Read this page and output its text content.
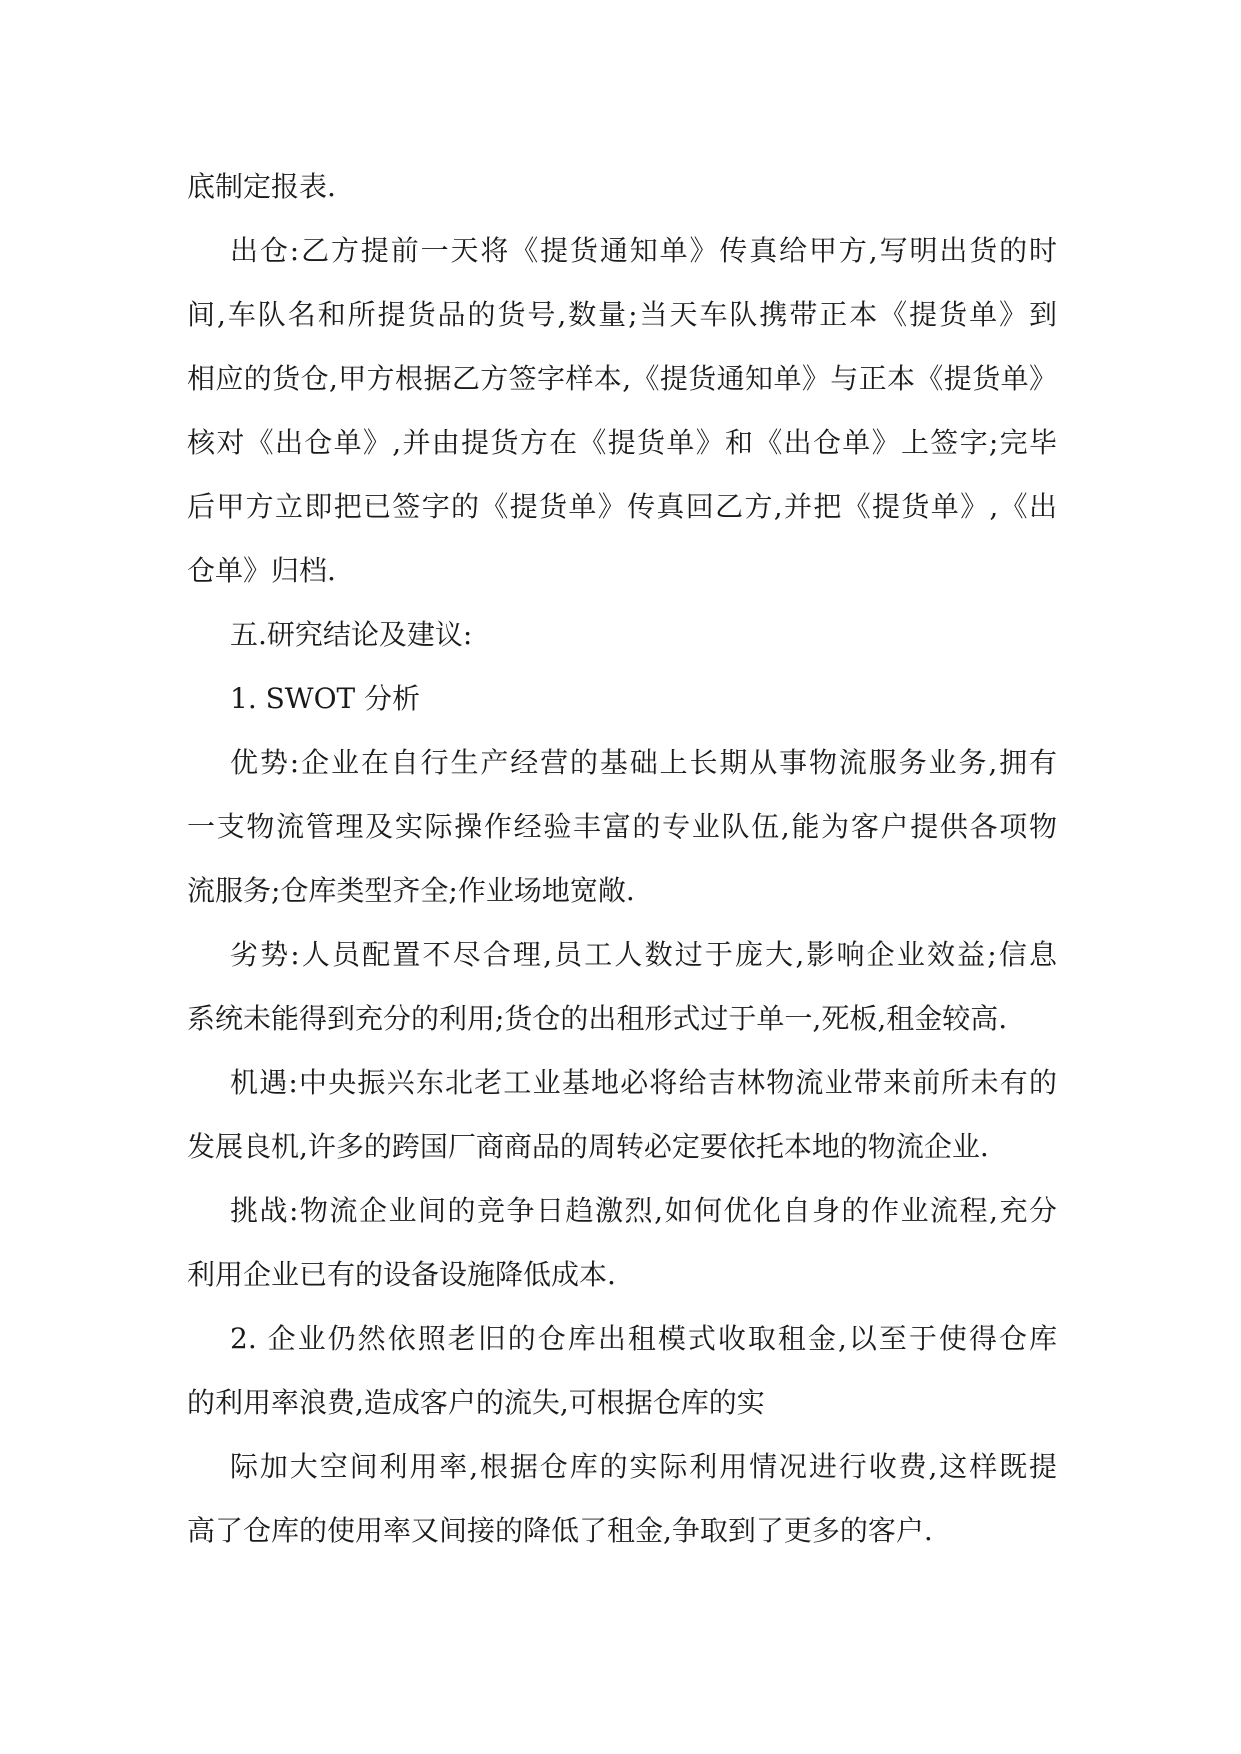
底制定报表.
出仓:乙方提前一天将《提货通知单》传真给甲方,写明出货的时
间,车队名和所提货品的货号,数量;当天车队携带正本《提货单》到
相应的货仓,甲方根据乙方签字样本,《提货通知单》与正本《提货单》
核对《出仓单》,并由提货方在《提货单》和《出仓单》上签字;完毕
后甲方立即把已签字的《提货单》传真回乙方,并把《提货单》,《出
仓单》归档.
五.研究结论及建议:
1. SWOT 分析
优势:企业在自行生产经营的基础上长期从事物流服务业务,拥有
一支物流管理及实际操作经验丰富的专业队伍,能为客户提供各项物
流服务;仓库类型齐全;作业场地宽敞.
劣势:人员配置不尽合理,员工人数过于庞大,影响企业效益;信息
系统未能得到充分的利用;货仓的出租形式过于单一,死板,租金较高.
机遇:中央振兴东北老工业基地必将给吉林物流业带来前所未有的
发展良机,许多的跨国厂商商品的周转必定要依托本地的物流企业.
挑战:物流企业间的竞争日趋激烈,如何优化自身的作业流程,充分
利用企业已有的设备设施降低成本.
2. 企业仍然依照老旧的仓库出租模式收取租金,以至于使得仓库
的利用率浪费,造成客户的流失,可根据仓库的实
际加大空间利用率,根据仓库的实际利用情况进行收费,这样既提
高了仓库的使用率又间接的降低了租金,争取到了更多的客户.
